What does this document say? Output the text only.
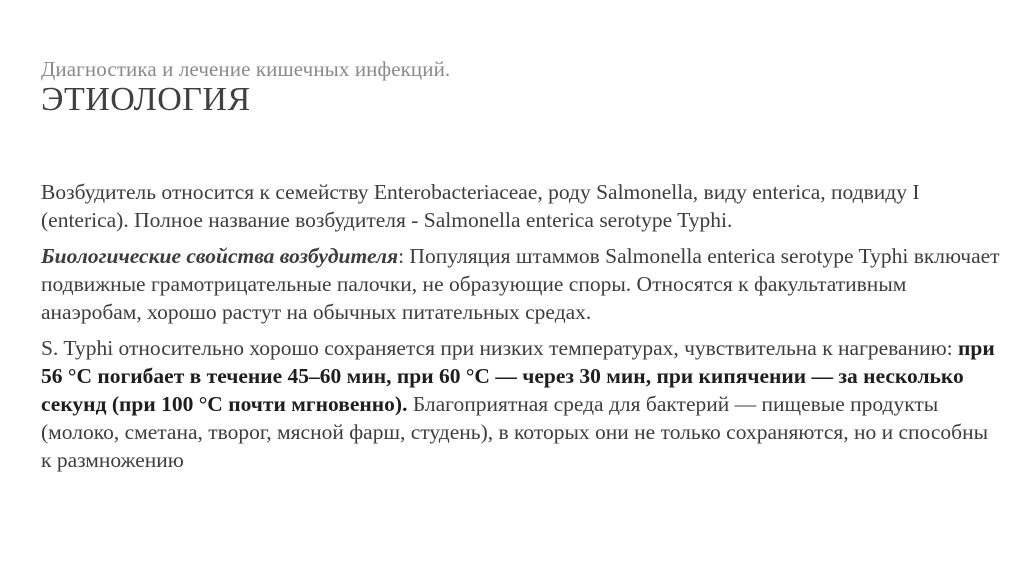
Диагностика и лечение кишечных инфекций.
ЭТИОЛОГИЯ

Возбудитель относится к семейству Enterobacteriaceae, роду Salmonella, виду enterica, подвиду I (enterica). Полное название возбудителя - Salmonella enterica serotype Typhi.

Биологические свойства возбудителя: Популяция штаммов Salmonella enterica serotype Typhi включает подвижные грамотрицательные палочки, не образующие споры. Относятся к факультативным анаэробам, хорошо растут на обычных питательных средах.

S. Typhi относительно хорошо сохраняется при низких температурах, чувствительна к нагреванию: при 56 °С погибает в течение 45–60 мин, при 60 °С — через 30 мин, при кипячении — за несколько секунд (при 100 °С почти мгновенно). Благоприятная среда для бактерий — пищевые продукты (молоко, сметана, творог, мясной фарш, студень), в которых они не только сохраняются, но и способны к размножению
